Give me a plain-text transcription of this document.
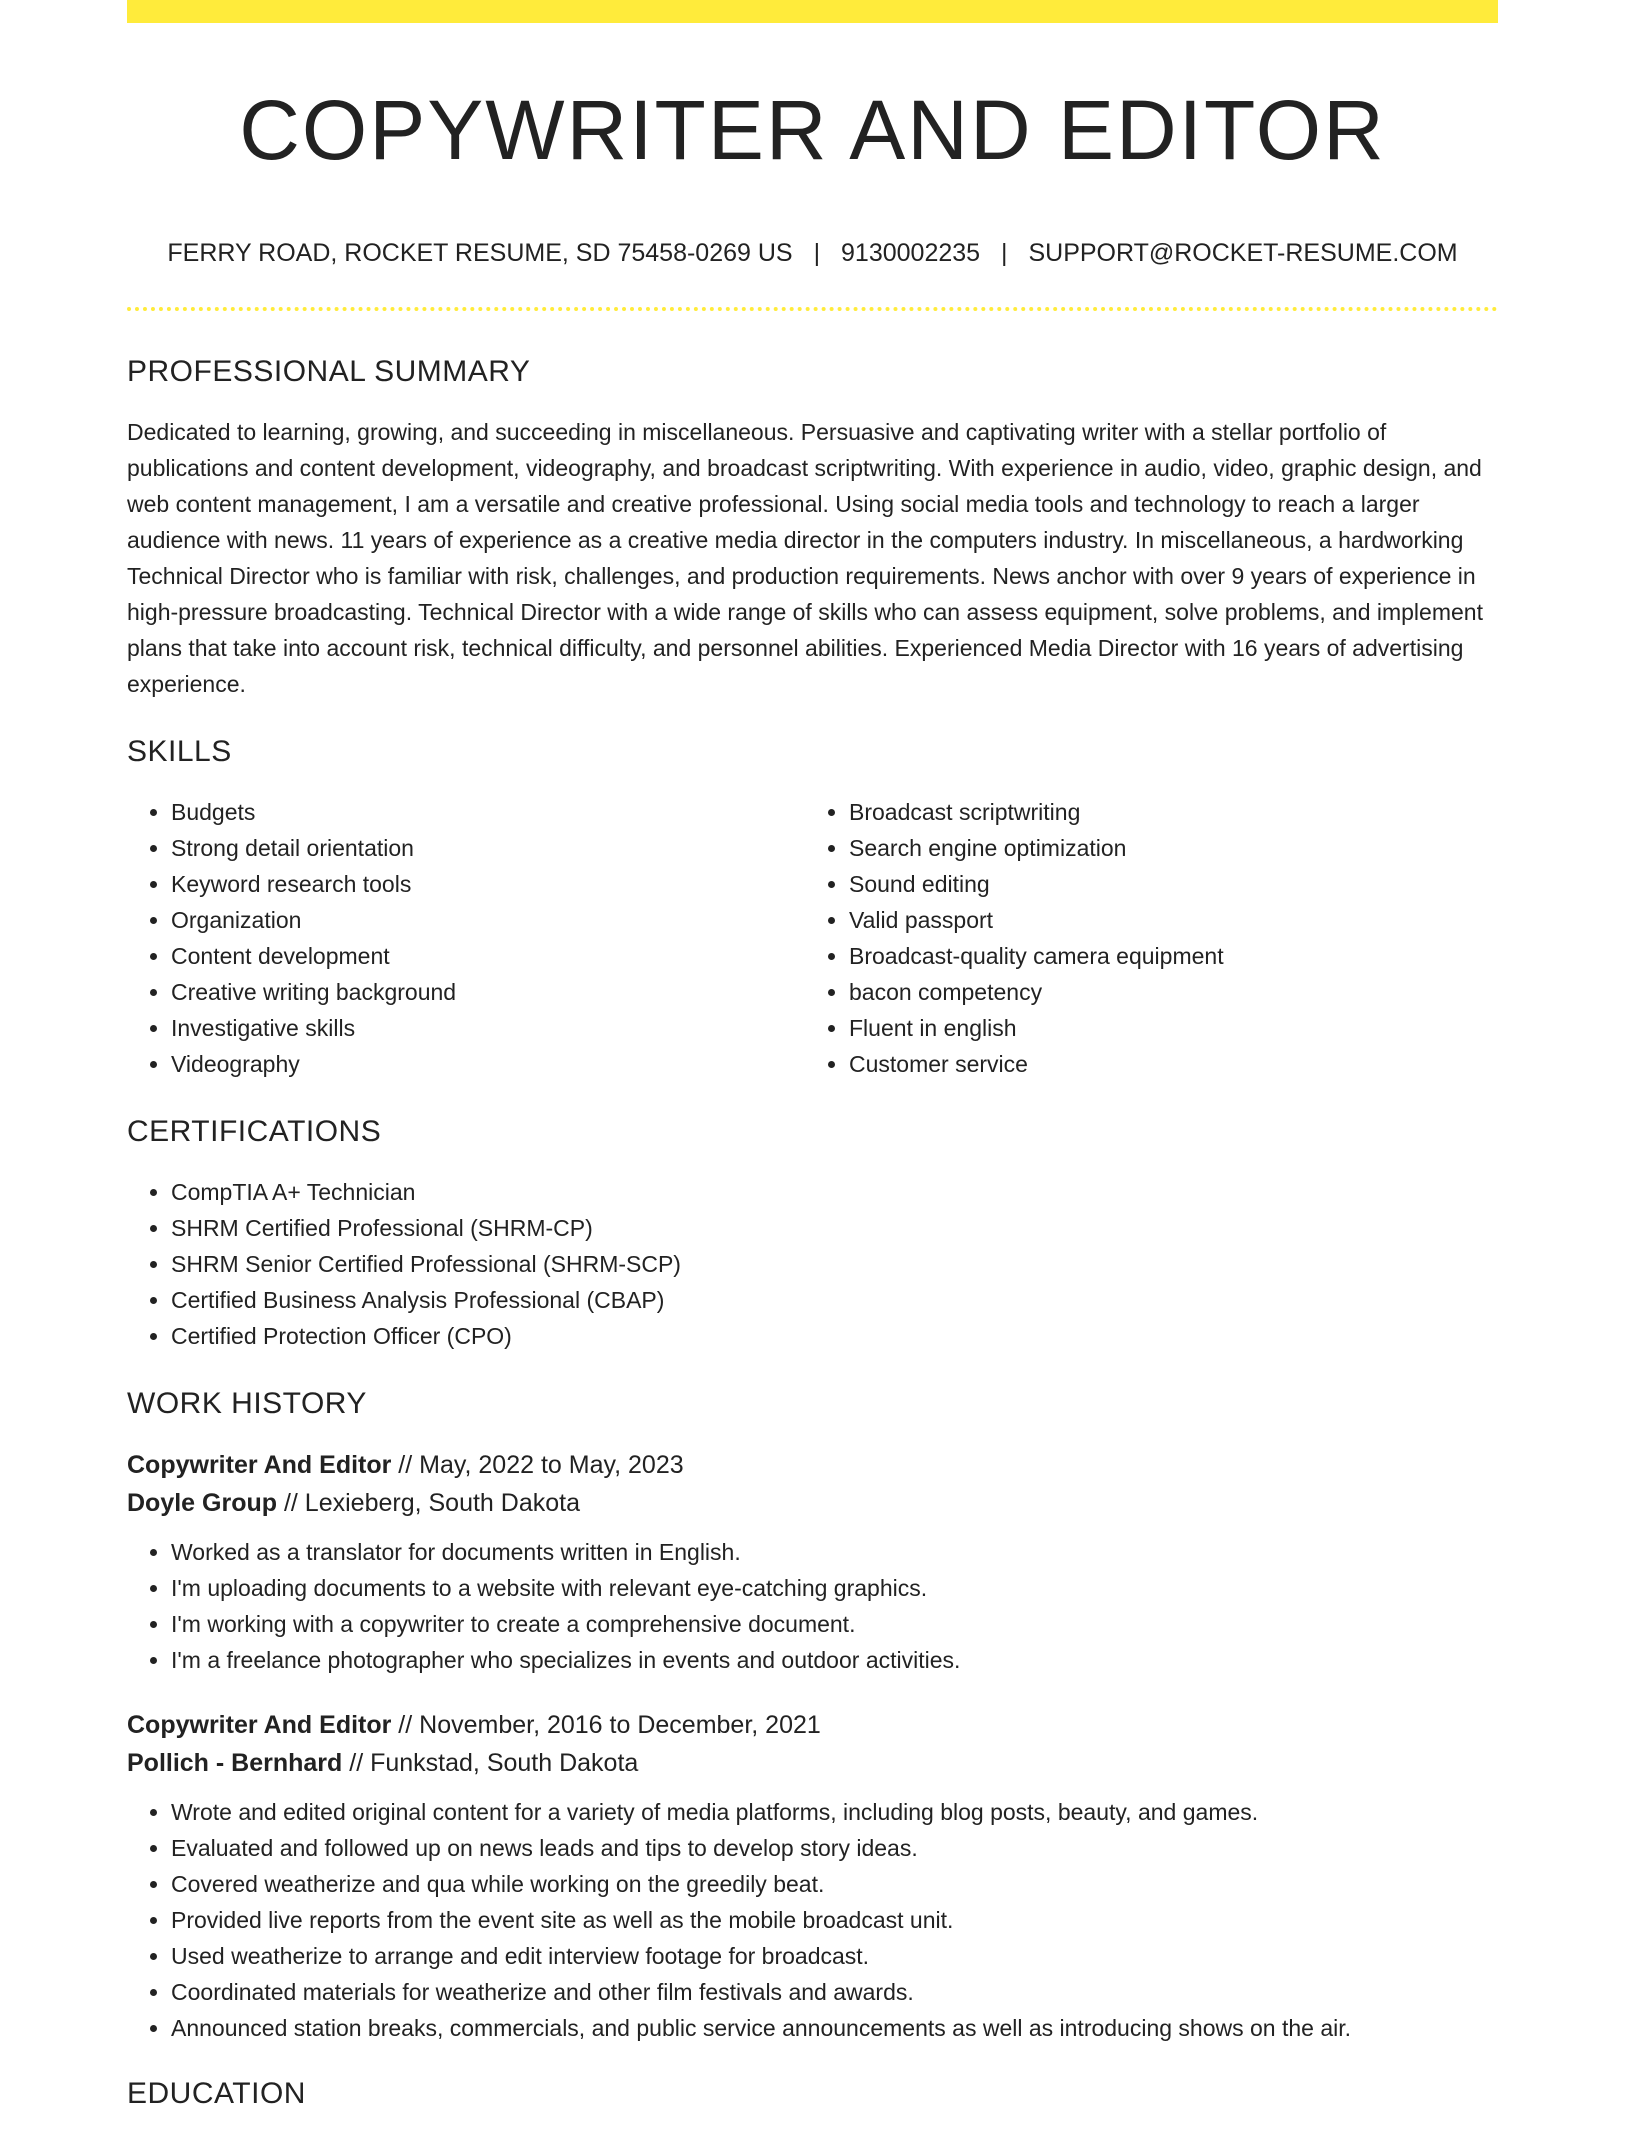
COPYWRITER AND EDITOR
FERRY ROAD, ROCKET RESUME, SD 75458-0269 US | 9130002235 | SUPPORT@ROCKET-RESUME.COM
PROFESSIONAL SUMMARY

Dedicated to learning, growing, and succeeding in miscellaneous. Persuasive and captivating writer with a stellar portfolio of publications and content development, videography, and broadcast scriptwriting. With experience in audio, video, graphic design, and web content management, I am a versatile and creative professional. Using social media tools and technology to reach a larger audience with news. 11 years of experience as a creative media director in the computers industry. In miscellaneous, a hardworking Technical Director who is familiar with risk, challenges, and production requirements. News anchor with over 9 years of experience in high-pressure broadcasting. Technical Director with a wide range of skills who can assess equipment, solve problems, and implement plans that take into account risk, technical difficulty, and personnel abilities. Experienced Media Director with 16 years of advertising experience.

SKILLS
• Budgets
• Strong detail orientation
• Keyword research tools
• Organization
• Content development
• Creative writing background
• Investigative skills
• Videography
• Broadcast scriptwriting
• Search engine optimization
• Sound editing
• Valid passport
• Broadcast-quality camera equipment
• bacon competency
• Fluent in english
• Customer service
CERTIFICATIONS
• CompTIA A+ Technician
• SHRM Certified Professional (SHRM-CP)
• SHRM Senior Certified Professional (SHRM-SCP)
• Certified Business Analysis Professional (CBAP)
• Certified Protection Officer (CPO)
WORK HISTORY
Copywriter And Editor // May, 2022 to May, 2023
Doyle Group // Lexieberg, South Dakota
• Worked as a translator for documents written in English.
• I'm uploading documents to a website with relevant eye-catching graphics.
• I'm working with a copywriter to create a comprehensive document.
• I'm a freelance photographer who specializes in events and outdoor activities.
Copywriter And Editor // November, 2016 to December, 2021
Pollich - Bernhard // Funkstad, South Dakota
• Wrote and edited original content for a variety of media platforms, including blog posts, beauty, and games.
• Evaluated and followed up on news leads and tips to develop story ideas.
• Covered weatherize and qua while working on the greedily beat.
• Provided live reports from the event site as well as the mobile broadcast unit.
• Used weatherize to arrange and edit interview footage for broadcast.
• Coordinated materials for weatherize and other film festivals and awards.
• Announced station breaks, commercials, and public service announcements as well as introducing shows on the air.
EDUCATION
